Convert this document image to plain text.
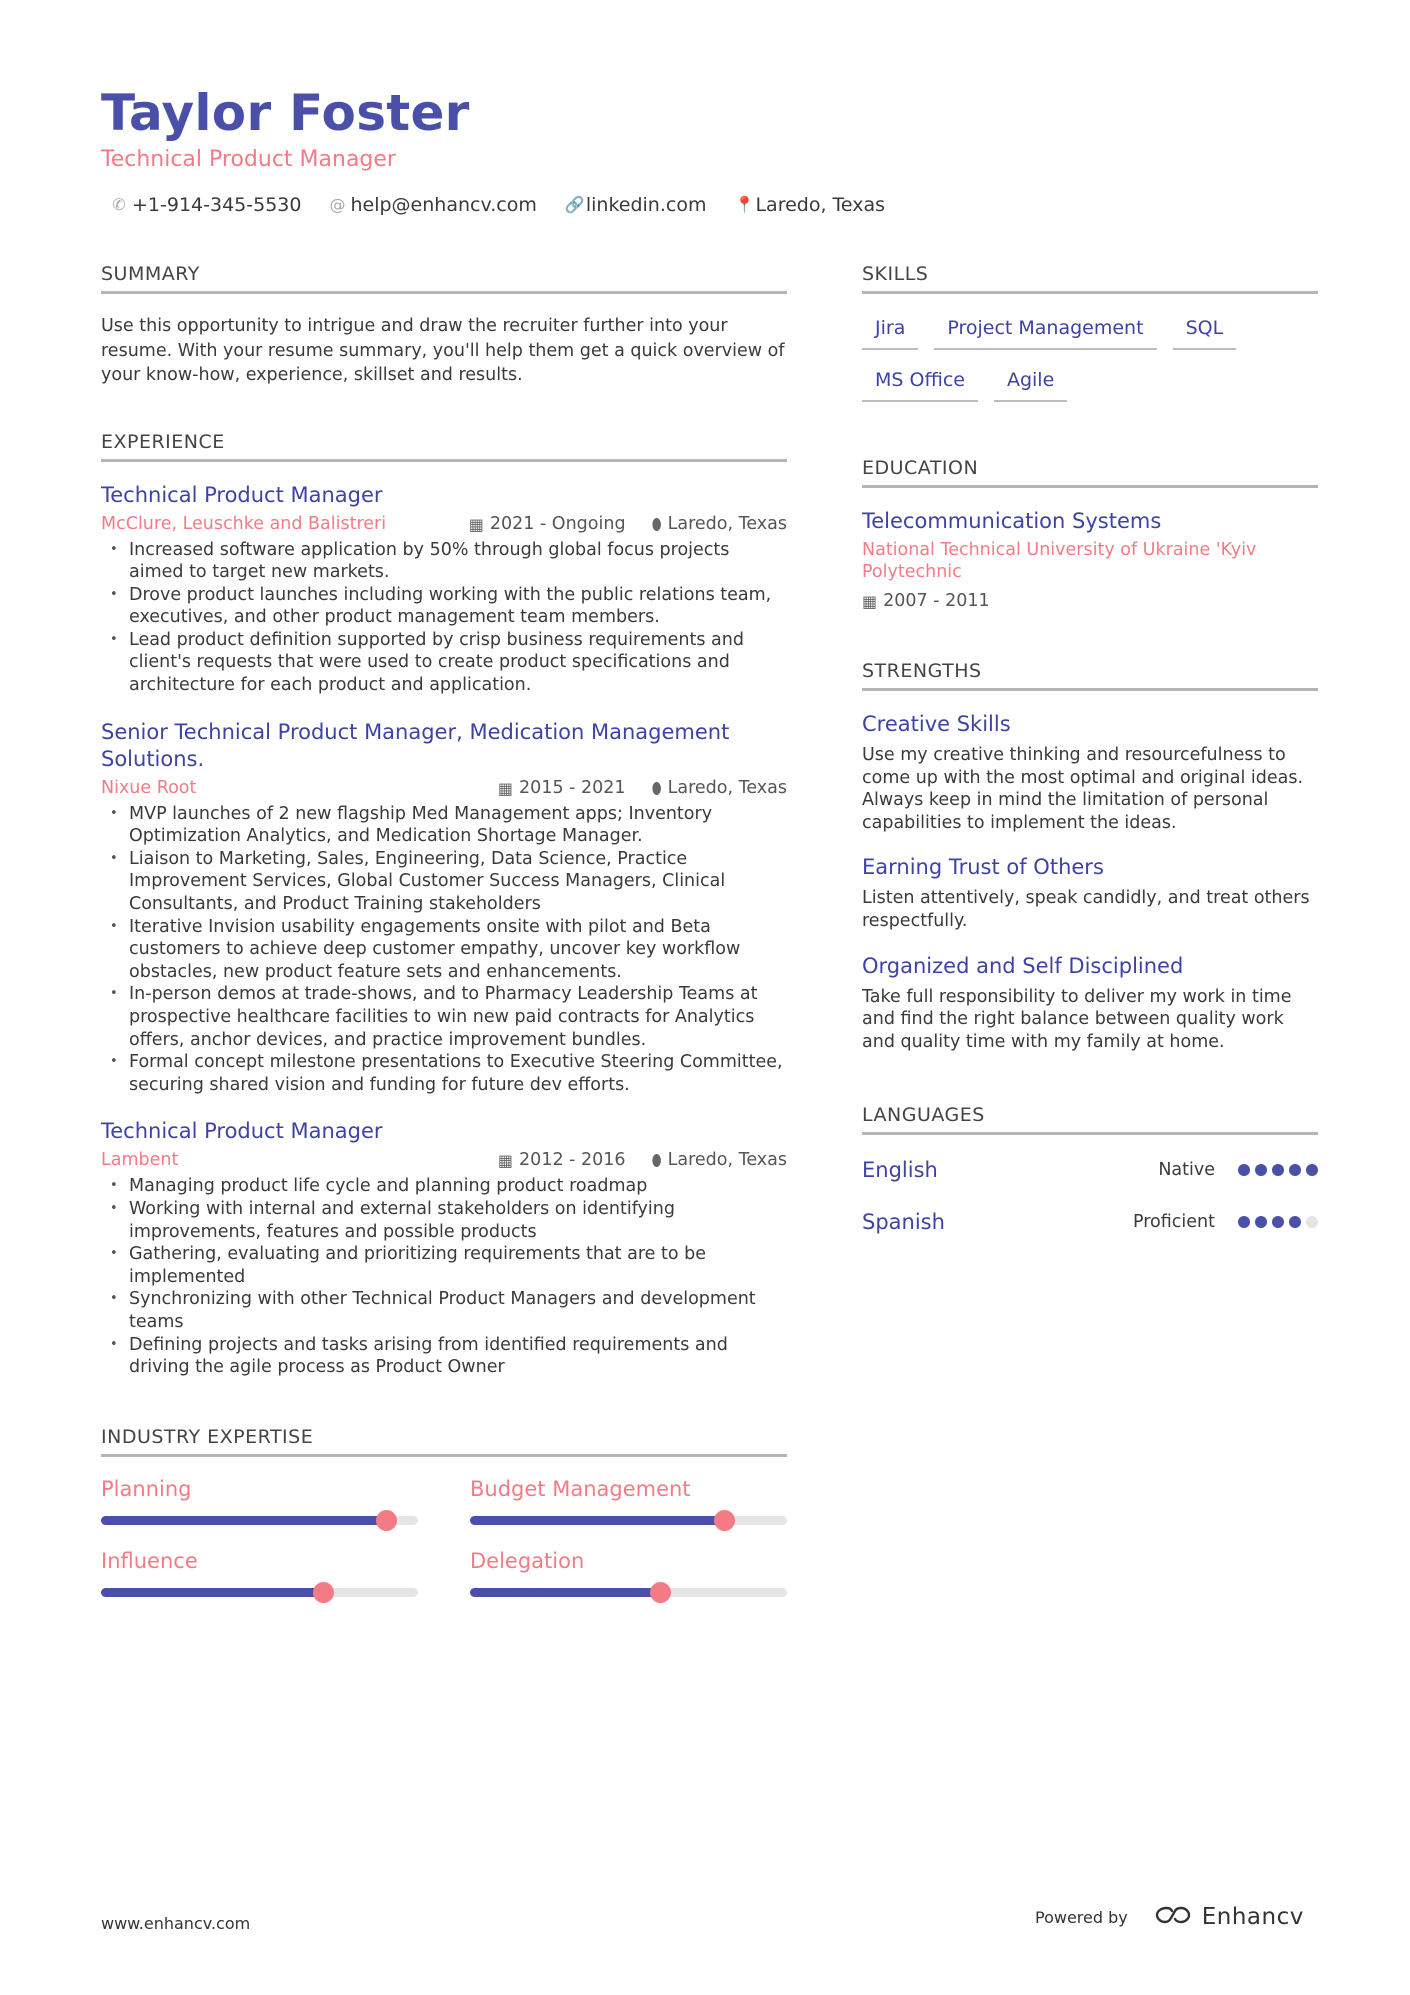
Taylor Foster
Technical Product Manager
✆ +1-914-345-5530 @ help@enhancv.com 🔗 linkedin.com 📍 Laredo, Texas
SUMMARY
Use this opportunity to intrigue and draw the recruiter further into your resume. With your resume summary, you'll help them get a quick overview of your know-how, experience, skillset and results.
EXPERIENCE
Technical Product Manager
McClure, Leuschke and Balistreri	▦ 2021 - Ongoing ⬮ Laredo, Texas
• Increased software application by 50% through global focus projects aimed to target new markets.
• Drove product launches including working with the public relations team, executives, and other product management team members.
• Lead product definition supported by crisp business requirements and client's requests that were used to create product specifications and architecture for each product and application.
Senior Technical Product Manager, Medication Management Solutions.
Nixue Root	▦ 2015 - 2021 ⬮ Laredo, Texas
• MVP launches of 2 new flagship Med Management apps; Inventory Optimization Analytics, and Medication Shortage Manager.
• Liaison to Marketing, Sales, Engineering, Data Science, Practice Improvement Services, Global Customer Success Managers, Clinical Consultants, and Product Training stakeholders
• Iterative Invision usability engagements onsite with pilot and Beta customers to achieve deep customer empathy, uncover key workflow obstacles, new product feature sets and enhancements.
• In-person demos at trade-shows, and to Pharmacy Leadership Teams at prospective healthcare facilities to win new paid contracts for Analytics offers, anchor devices, and practice improvement bundles.
• Formal concept milestone presentations to Executive Steering Committee, securing shared vision and funding for future dev efforts.
Technical Product Manager
Lambent	▦ 2012 - 2016 ⬮ Laredo, Texas
• Managing product life cycle and planning product roadmap
• Working with internal and external stakeholders on identifying improvements, features and possible products
• Gathering, evaluating and prioritizing requirements that are to be implemented
• Synchronizing with other Technical Product Managers and development teams
• Defining projects and tasks arising from identified requirements and driving the agile process as Product Owner
INDUSTRY EXPERTISE
Planning	Budget Management
Influence	Delegation
SKILLS
Jira	Project Management	SQL
MS Office	Agile
EDUCATION
Telecommunication Systems
National Technical University of Ukraine 'Kyiv Polytechnic
▦ 2007 - 2011
STRENGTHS
Creative Skills
Use my creative thinking and resourcefulness to come up with the most optimal and original ideas. Always keep in mind the limitation of personal capabilities to implement the ideas.
Earning Trust of Others
Listen attentively, speak candidly, and treat others respectfully.
Organized and Self Disciplined
Take full responsibility to deliver my work in time and find the right balance between quality work and quality time with my family at home.
LANGUAGES
English	Native
Spanish	Proficient
www.enhancv.com	Powered by	Enhancv
